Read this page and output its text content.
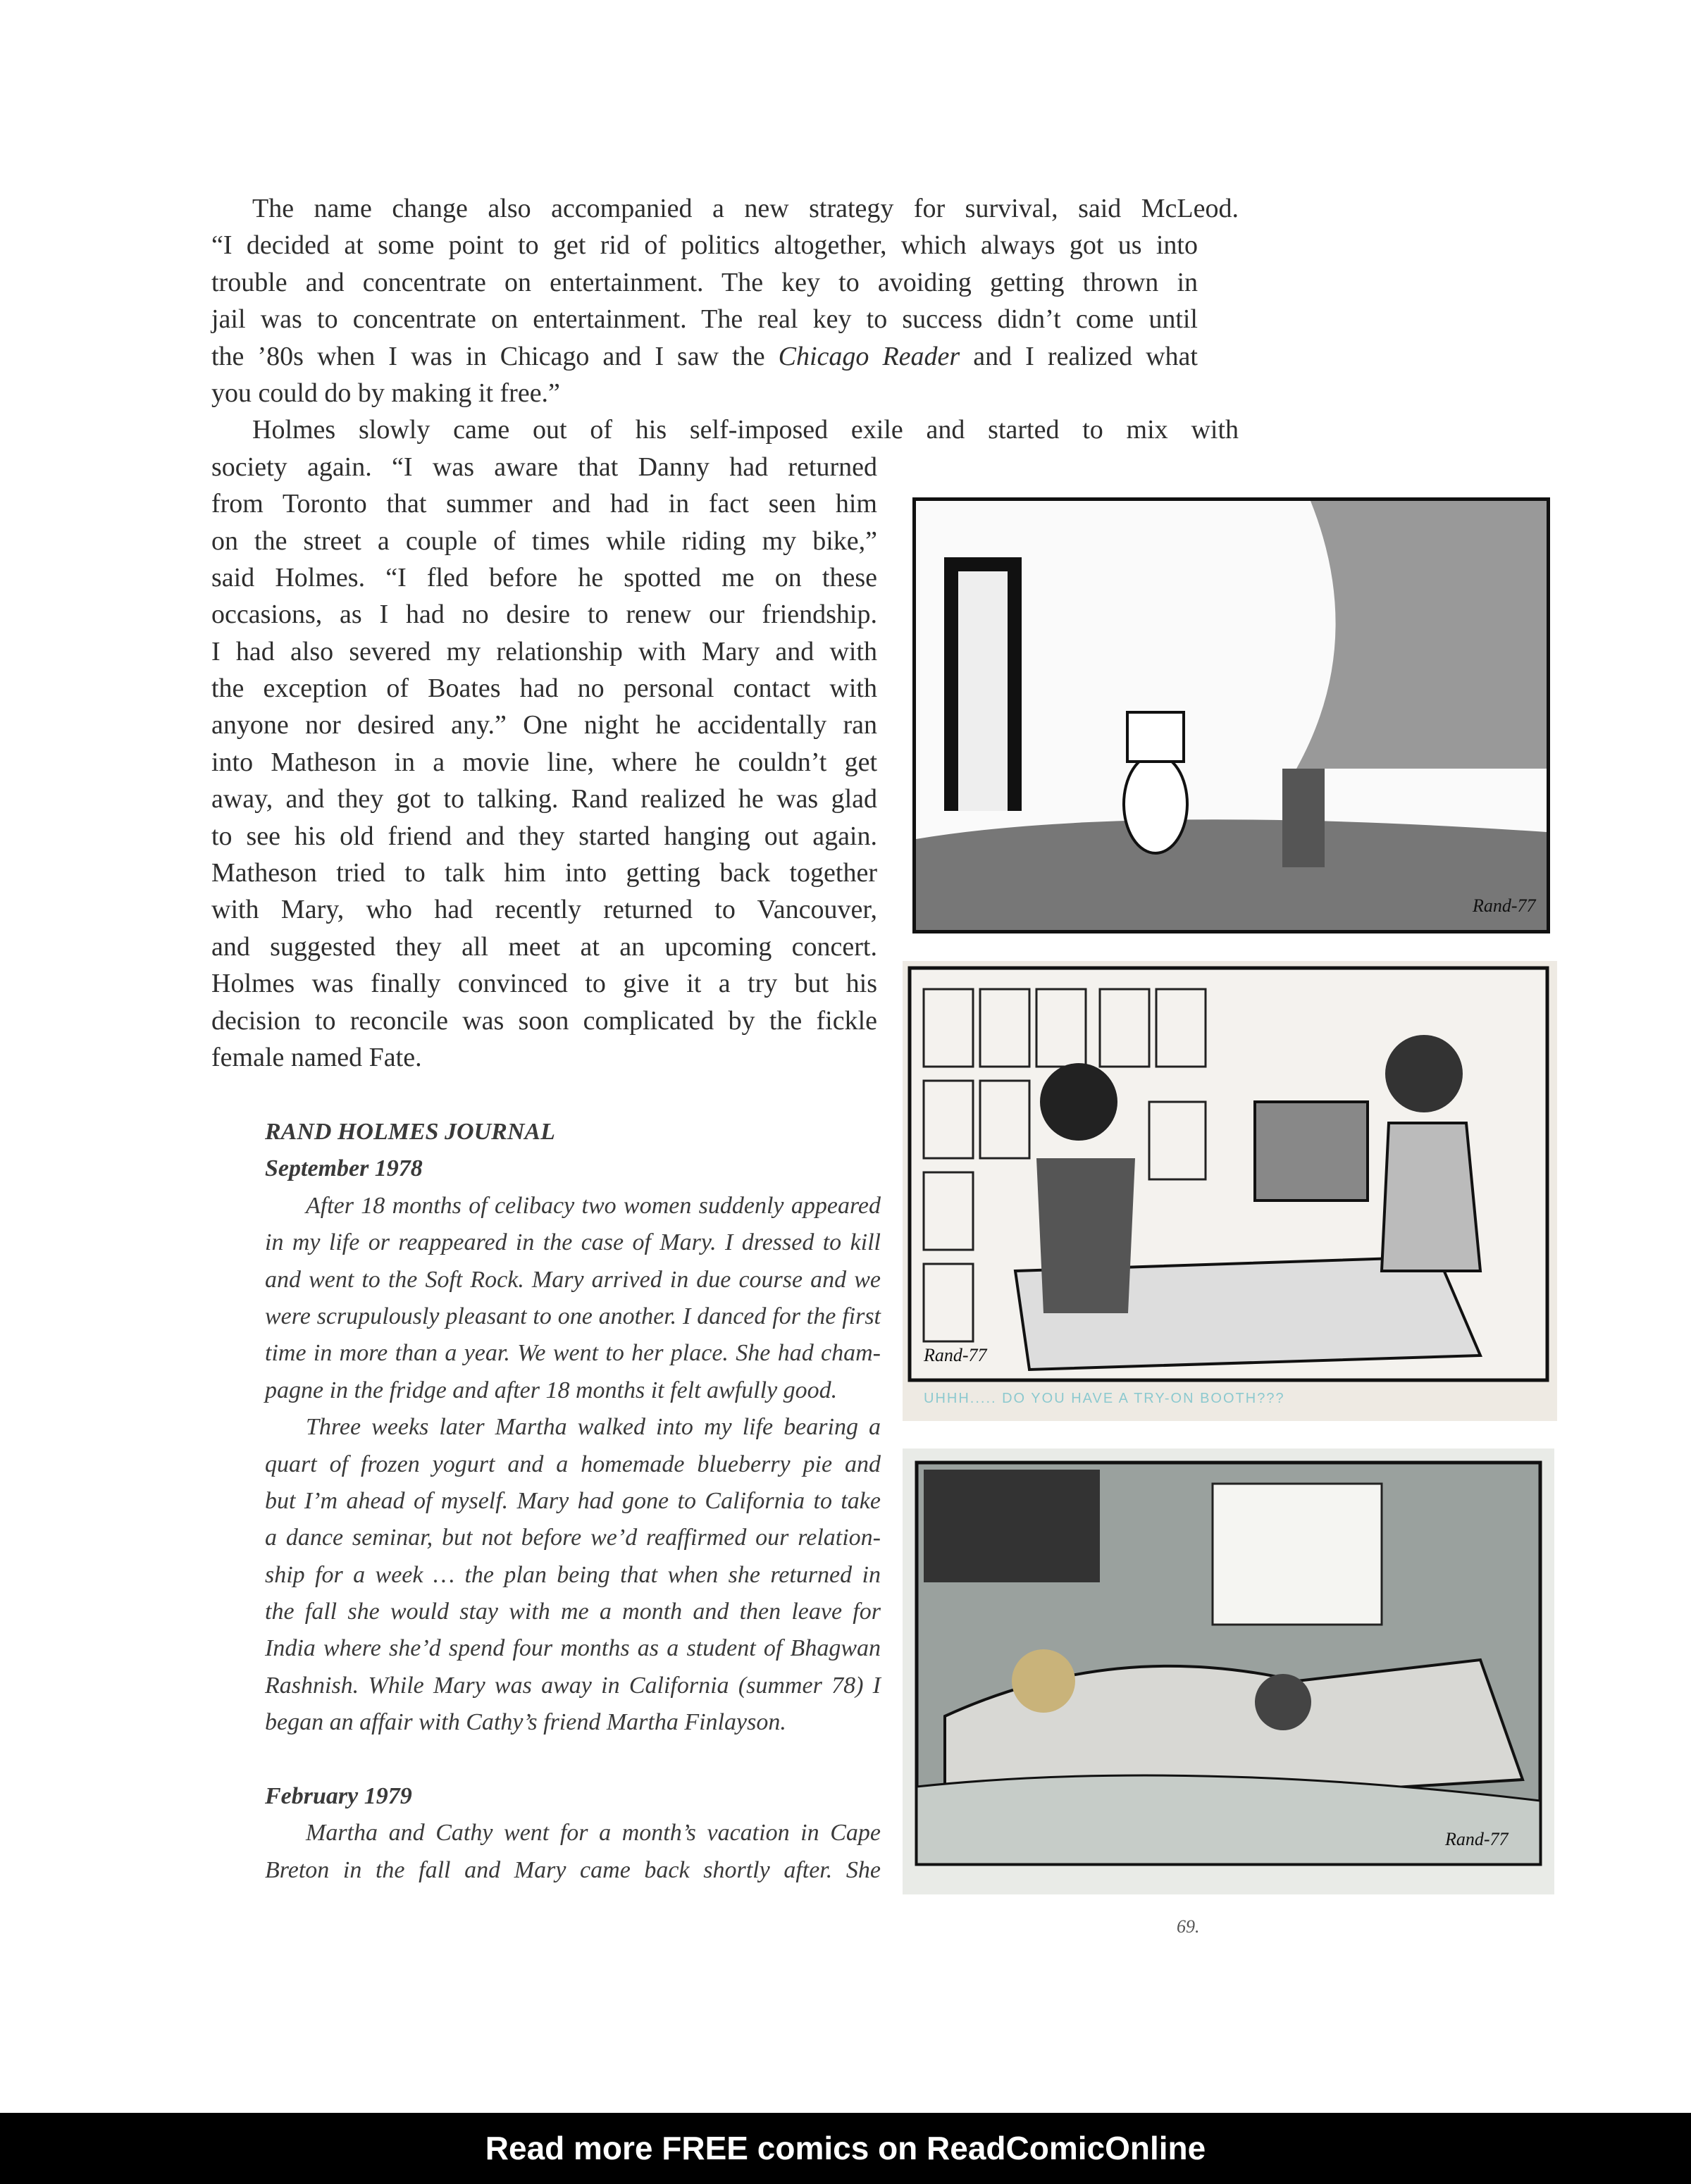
The name change also accompanied a new strategy for survival, said McLeod.
“I decided at some point to get rid of politics altogether, which always got us into
trouble and concentrate on entertainment. The key to avoiding getting thrown in
jail was to concentrate on entertainment. The real key to success didn’t come until
the ’80s when I was in Chicago and I saw the Chicago Reader and I realized what
you could do by making it free.”
Holmes slowly came out of his self-imposed exile and started to mix with
society again. “I was aware that Danny had returned
from Toronto that summer and had in fact seen him
on the street a couple of times while riding my bike,”
said Holmes. “I fled before he spotted me on these
occasions, as I had no desire to renew our friendship.
I had also severed my relationship with Mary and with
the exception of Boates had no personal contact with
anyone nor desired any.” One night he accidentally ran
into Matheson in a movie line, where he couldn’t get
away, and they got to talking. Rand realized he was glad
to see his old friend and they started hanging out again.
Matheson tried to talk him into getting back together
with Mary, who had recently returned to Vancouver,
and suggested they all meet at an upcoming concert.
Holmes was finally convinced to give it a try but his
decision to reconcile was soon complicated by the fickle
female named Fate.
RAND HOLMES JOURNAL
September 1978
After 18 months of celibacy two women suddenly appeared
in my life or reappeared in the case of Mary. I dressed to kill
and went to the Soft Rock. Mary arrived in due course and we
were scrupulously pleasant to one another. I danced for the first
time in more than a year. We went to her place. She had cham-
pagne in the fridge and after 18 months it felt awfully good.
Three weeks later Martha walked into my life bearing a
quart of frozen yogurt and a homemade blueberry pie and
but I’m ahead of myself. Mary had gone to California to take
a dance seminar, but not before we’d reaffirmed our relation-
ship for a week … the plan being that when she returned in
the fall she would stay with me a month and then leave for
India where she’d spend four months as a student of Bhagwan
Rashnish. While Mary was away in California (summer 78) I
began an affair with Cathy’s friend Martha Finlayson.
February 1979
Martha and Cathy went for a month’s vacation in Cape
Breton in the fall and Mary came back shortly after. She
Rand-77
Rand-77
UHHH..... DO YOU HAVE A TRY-ON BOOTH???
Rand-77
69.
Read more FREE comics on ReadComicOnline
